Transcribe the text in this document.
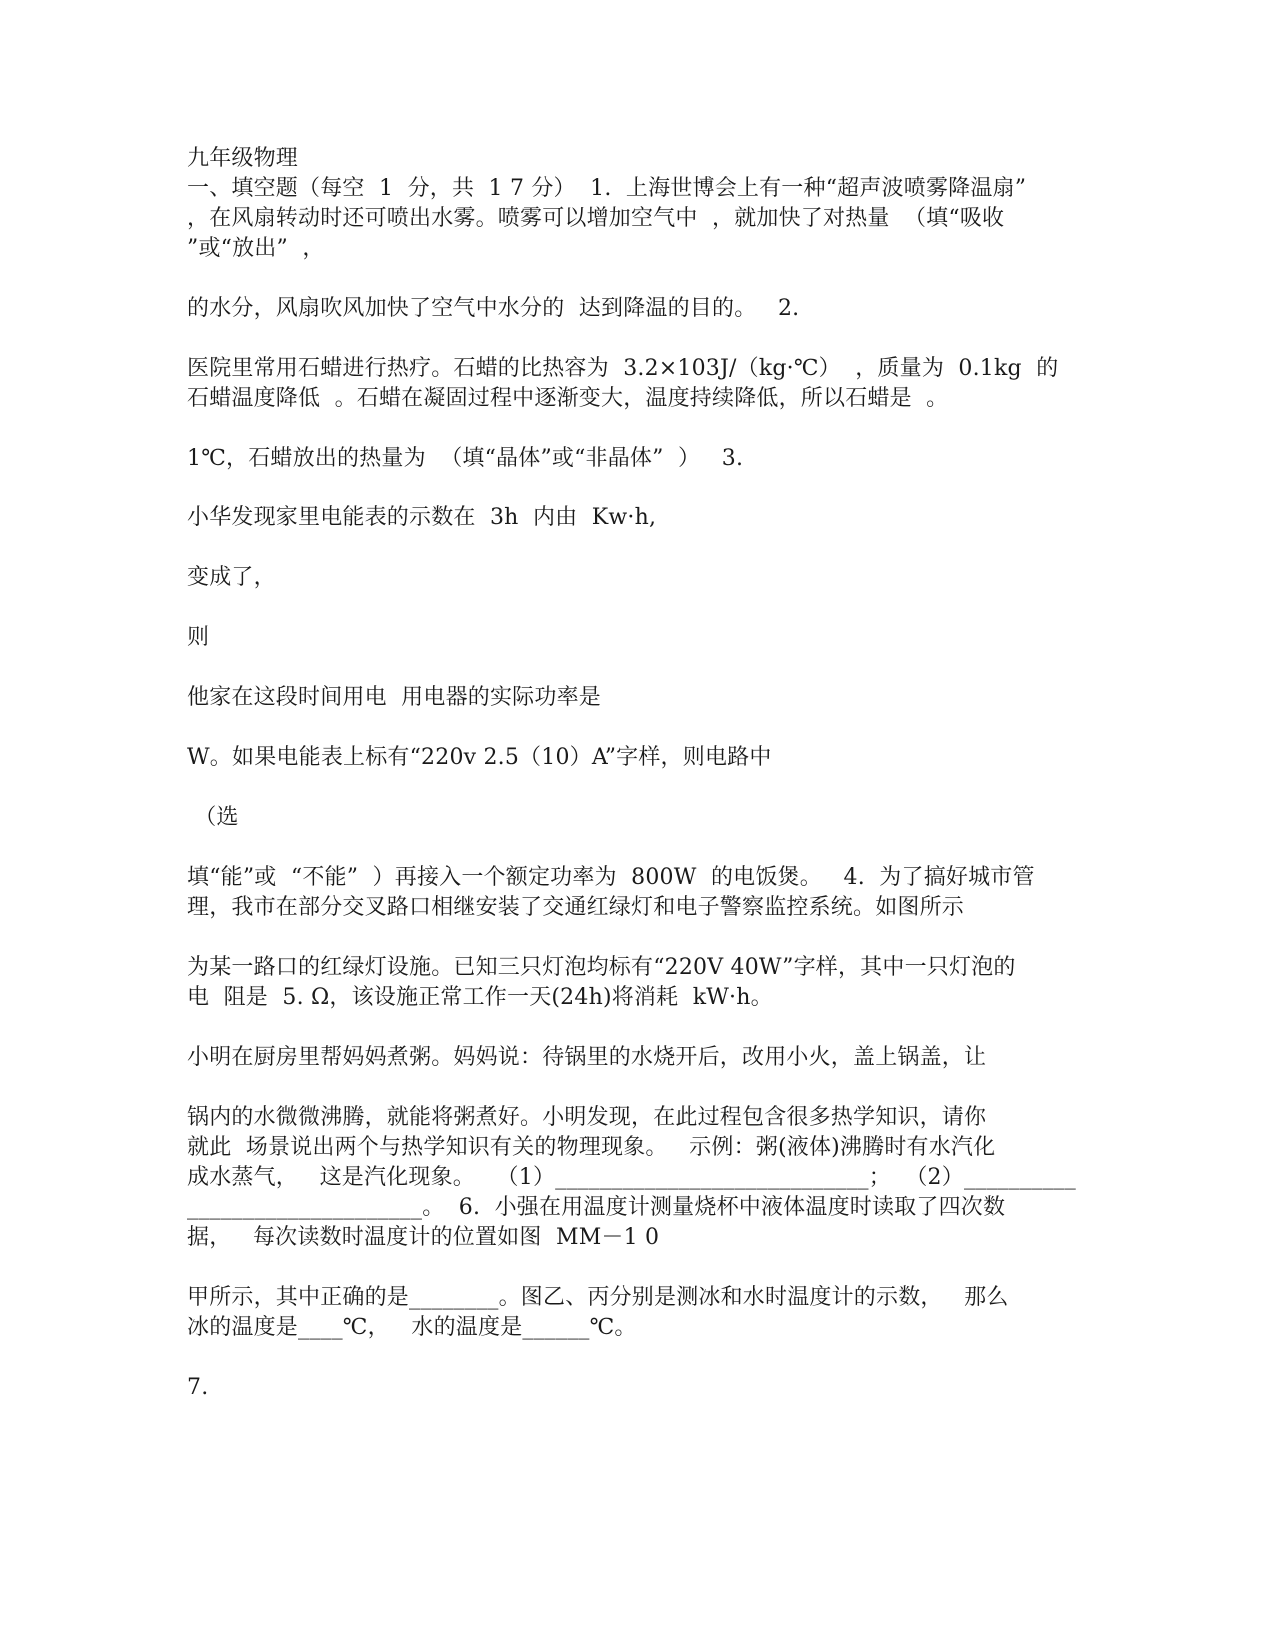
九年级物理

一、填空题（每空  1  分，共  1 7 分）  1.  上海世博会上有一种“超声波喷雾降温扇”

，在风扇转动时还可喷出水雾。喷雾可以增加空气中  ，就加快了对热量  （填“吸收

”或“放出”  ，

的水分，风扇吹风加快了空气中水分的  达到降温的目的。   2.

医院里常用石蜡进行热疗。石蜡的比热容为  3.2×103J/（kg·℃）  ，质量为  0.1kg  的

石蜡温度降低  。石蜡在凝固过程中逐渐变大，温度持续降低，所以石蜡是  。

1℃，石蜡放出的热量为  （填“晶体”或“非晶体”  ）   3.

小华发现家里电能表的示数在  3h  内由  Kw·h,

变成了，

则

他家在这段时间用电  用电器的实际功率是

W。如果电能表上标有“220v 2.5（10）A”字样，则电路中

（选

填“能”或  “不能”  ）再接入一个额定功率为  800W  的电饭煲。   4.  为了搞好城市管

理，我市在部分交叉路口相继安装了交通红绿灯和电子警察监控系统。如图所示

为某一路口的红绿灯设施。已知三只灯泡均标有“220V 40W”字样，其中一只灯泡的

电  阻是  5. Ω，该设施正常工作一天(24h)将消耗  kW·h。

小明在厨房里帮妈妈煮粥。妈妈说：待锅里的水烧开后，改用小火，盖上锅盖，让

锅内的水微微沸腾，就能将粥煮好。小明发现，在此过程包含很多热学知识，请你

就此  场景说出两个与热学知识有关的物理现象。   示例：粥(液体)沸腾时有水汽化

成水蒸气，   这是汽化现象。   （1）____________________________；  （2）__________

_____________________。  6.  小强在用温度计测量烧杯中液体温度时读取了四次数

据，   每次读数时温度计的位置如图  MM－1 0

甲所示，其中正确的是________。图乙、丙分别是测冰和水时温度计的示数，   那么

冰的温度是____℃，   水的温度是______℃。

7.
